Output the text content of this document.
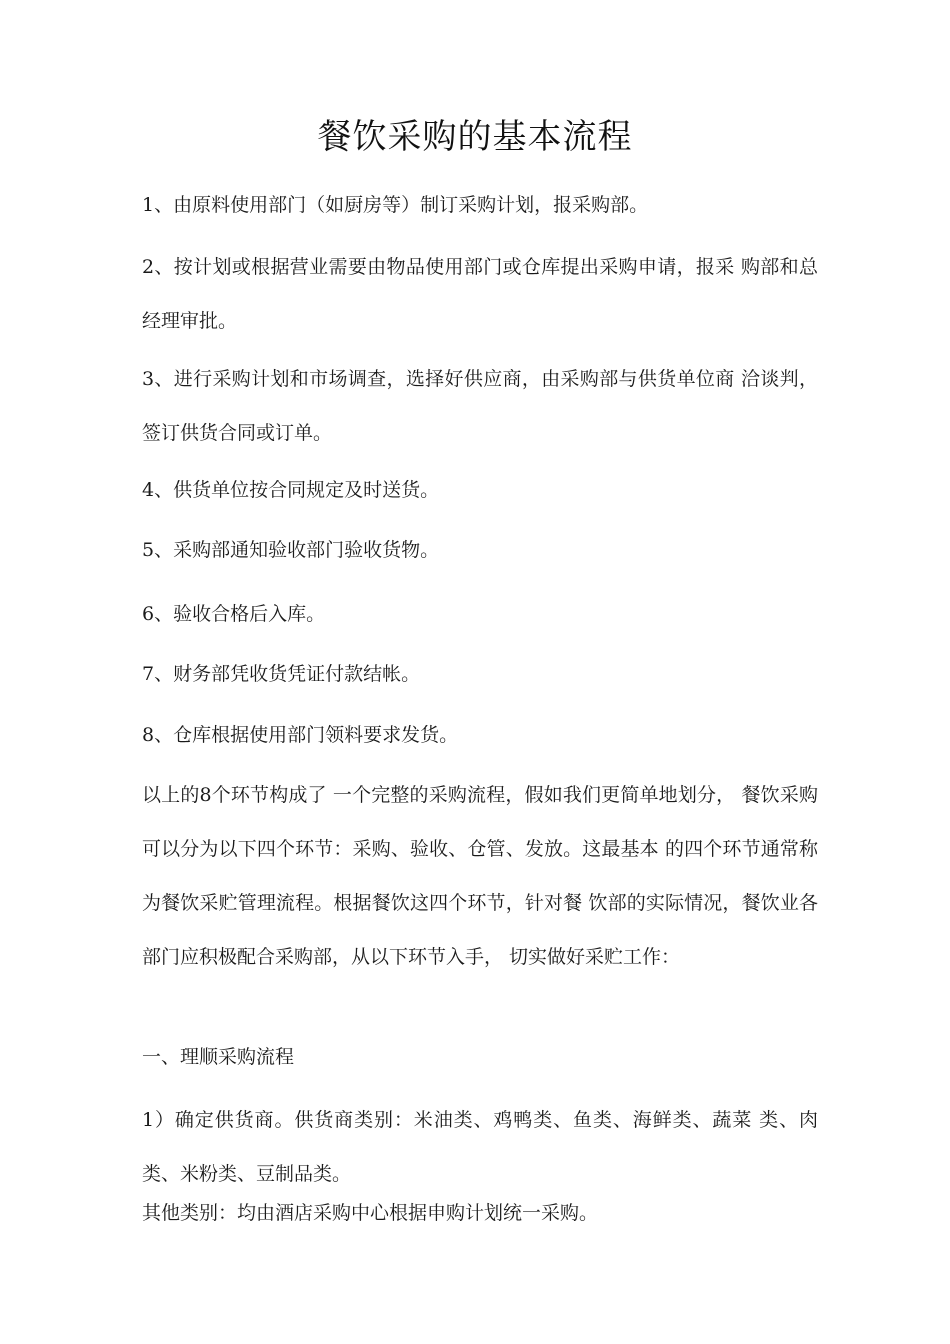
餐饮采购的基本流程

1、由原料使用部门（如厨房等）制订采购计划，报采购部。

2、按计划或根据营业需要由物品使用部门或仓库提出采购申请，报采 购部和总经理审批。

3、进行采购计划和市场调查，选择好供应商，由采购部与供货单位商 洽谈判，签订供货合同或订单。

4、供货单位按合同规定及时送货。

5、采购部通知验收部门验收货物。

6、验收合格后入库。

7、财务部凭收货凭证付款结帐。

8、仓库根据使用部门领料要求发货。

以上的8个环节构成了 一个完整的采购流程，假如我们更简单地划分， 餐饮采购可以分为以下四个环节：采购、验收、仓管、发放。这最基本 的四个环节通常称为餐饮采贮管理流程。根据餐饮这四个环节，针对餐 饮部的实际情况，餐饮业各部门应积极配合采购部，从以下环节入手， 切实做好采贮工作：

一、理顺采购流程

1）确定供货商。供货商类别：米油类、鸡鸭类、鱼类、海鲜类、蔬菜 类、肉类、米粉类、豆制品类。

其他类别：均由酒店采购中心根据申购计划统一采购。
